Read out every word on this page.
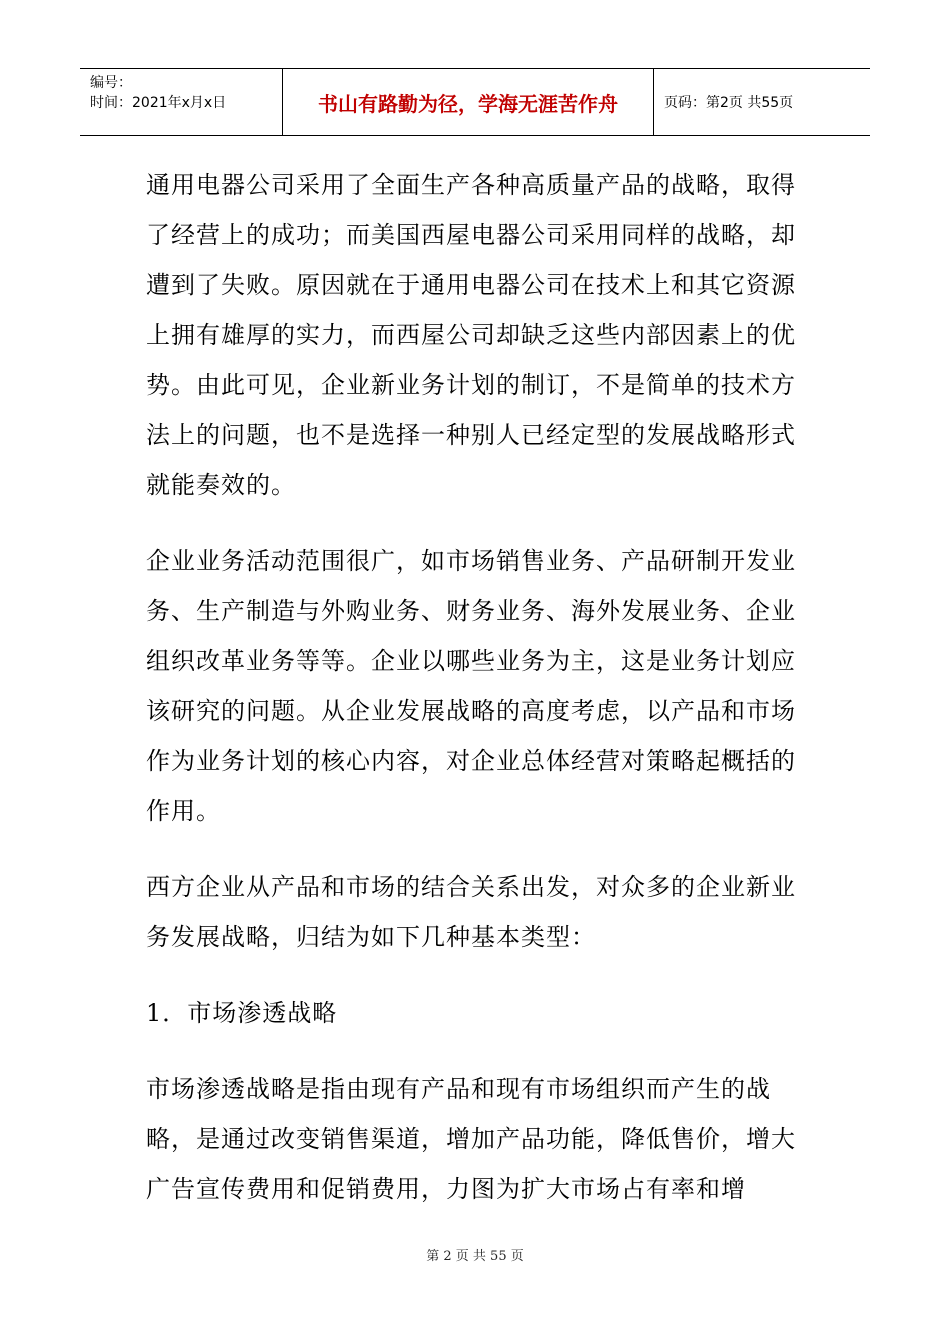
编号：
时间：2021年x月x日	书山有路勤为径，学海无涯苦作舟	页码：第2页 共55页

通用电器公司采用了全面生产各种高质量产品的战略，取得了经营上的成功；而美国西屋电器公司采用同样的战略，却遭到了失败。原因就在于通用电器公司在技术上和其它资源上拥有雄厚的实力，而西屋公司却缺乏这些内部因素上的优势。由此可见，企业新业务计划的制订，不是简单的技术方法上的问题，也不是选择一种别人已经定型的发展战略形式就能奏效的。

企业业务活动范围很广，如市场销售业务、产品研制开发业务、生产制造与外购业务、财务业务、海外发展业务、企业组织改革业务等等。企业以哪些业务为主，这是业务计划应该研究的问题。从企业发展战略的高度考虑，以产品和市场作为业务计划的核心内容，对企业总体经营对策略起概括的作用。

西方企业从产品和市场的结合关系出发，对众多的企业新业务发展战略，归结为如下几种基本类型：

1．市场渗透战略

市场渗透战略是指由现有产品和现有市场组织而产生的战略，是通过改变销售渠道，增加产品功能，降低售价，增大广告宣传费用和促销费用，力图为扩大市场占有率和增

第 2 页 共 55 页
